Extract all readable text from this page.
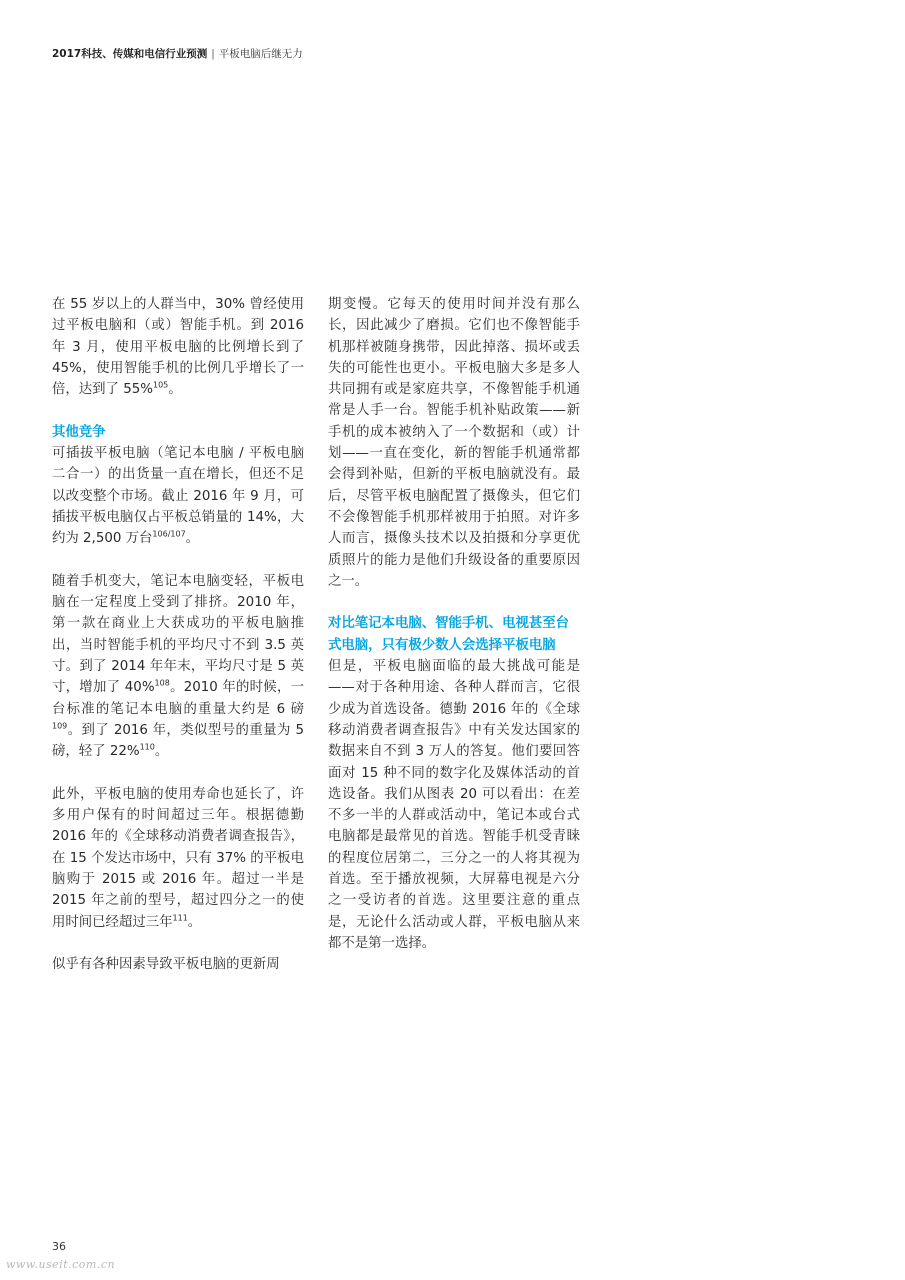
2017科技、传媒和电信行业预测 | 平板电脑后继无力

在 55 岁以上的人群当中，30% 曾经使用过平板电脑和（或）智能手机。到 2016 年 3 月，使用平板电脑的比例增长到了 45%，使用智能手机的比例几乎增长了一倍，达到了 55%$^{105}$。

其他竞争

可插拔平板电脑（笔记本电脑 / 平板电脑二合一）的出货量一直在增长，但还不足以改变整个市场。截止 2016 年 9 月，可插拔平板电脑仅占平板总销量的 14%，大约为 2,500 万台$^{106/107}$。

随着手机变大，笔记本电脑变轻，平板电脑在一定程度上受到了排挤。2010 年，第一款在商业上大获成功的平板电脑推出，当时智能手机的平均尺寸不到 3.5 英寸。到了 2014 年年末，平均尺寸是 5 英寸，增加了 40%$^{108}$。2010 年的时候，一台标准的笔记本电脑的重量大约是 6 磅$^{109}$。到了 2016 年，类似型号的重量为 5 磅，轻了 22%$^{110}$。

此外，平板电脑的使用寿命也延长了，许多用户保有的时间超过三年。根据德勤 2016 年的《全球移动消费者调查报告》，在 15 个发达市场中，只有 37% 的平板电脑购于 2015 或 2016 年。超过一半是 2015 年之前的型号，超过四分之一的使用时间已经超过三年$^{111}$。

似乎有各种因素导致平板电脑的更新周

期变慢。它每天的使用时间并没有那么长，因此减少了磨损。它们也不像智能手机那样被随身携带，因此掉落、损坏或丢失的可能性也更小。平板电脑大多是多人共同拥有或是家庭共享，不像智能手机通常是人手一台。智能手机补贴政策——新手机的成本被纳入了一个数据和（或）计划——一直在变化，新的智能手机通常都会得到补贴，但新的平板电脑就没有。最后，尽管平板电脑配置了摄像头，但它们不会像智能手机那样被用于拍照。对许多人而言，摄像头技术以及拍摄和分享更优质照片的能力是他们升级设备的重要原因之一。

对比笔记本电脑、智能手机、电视甚至台式电脑，只有极少数人会选择平板电脑

但是，平板电脑面临的最大挑战可能是——对于各种用途、各种人群而言，它很少成为首选设备。德勤 2016 年的《全球移动消费者调查报告》中有关发达国家的数据来自不到 3 万人的答复。他们要回答面对 15 种不同的数字化及媒体活动的首选设备。我们从图表 20 可以看出：在差不多一半的人群或活动中，笔记本或台式电脑都是最常见的首选。智能手机受青睐的程度位居第二，三分之一的人将其视为首选。至于播放视频，大屏幕电视是六分之一受访者的首选。这里要注意的重点是，无论什么活动或人群，平板电脑从来都不是第一选择。

36
www.useit.com.cn
